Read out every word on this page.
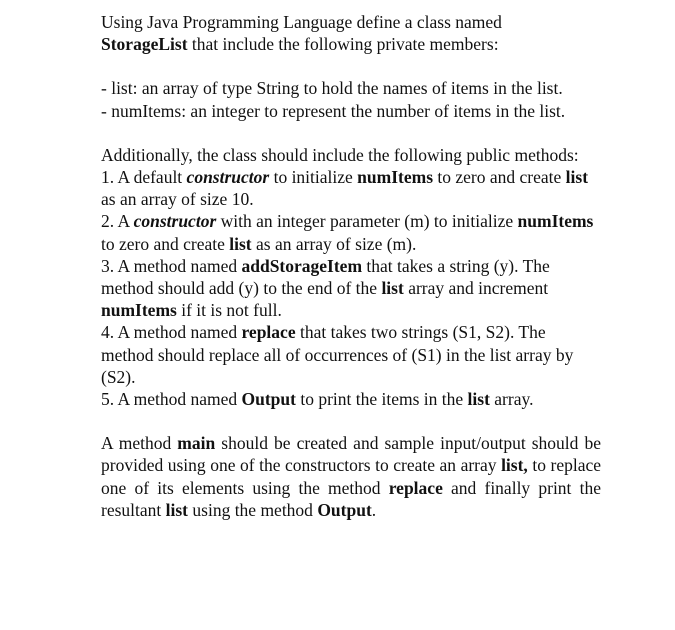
Using Java Programming Language define a class named
StorageList that include the following private members:

- list: an array of type String to hold the names of items in the list.

- numItems: an integer to represent the number of items in the list.

Additionally, the class should include the following public methods:

1. A default constructor to initialize numItems to zero and create list as an array of size 10.

2. A constructor with an integer parameter (m) to initialize numItems to zero and create list as an array of size (m).

3. A method named addStorageItem that takes a string (y). The method should add (y) to the end of the list array and increment numItems if it is not full.

4. A method named replace that takes two strings (S1, S2). The method should replace all of occurrences of (S1) in the list array by (S2).

5. A method named Output to print the items in the list array.

A method main should be created and sample input/output should be provided using one of the constructors to create an array list, to replace one of its elements using the method replace and finally print the resultant list using the method Output.
